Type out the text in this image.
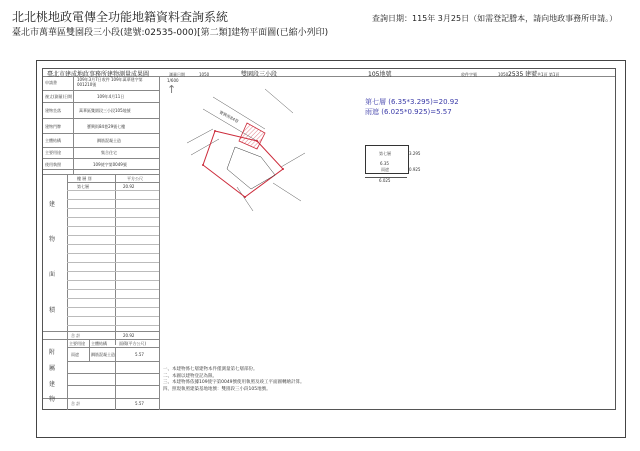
北北桃地政電傳全功能地籍資料查詢系統	查詢日期：115年 3月25日（如需登記謄本，請向地政事務所申請。）
臺北市萬華區雙園段三小段(建號:02535-000)[第二類]建物平面圖(已縮小列印)
臺北市建成地政事務所建物測量成果圖	測量日期	1050	雙園段三小段	105地號	收件字號	1050 2535 建號 共1頁 第1頁
申請書
109年3月7日收件 109年萬華建字第001210號
複丈(測量)日期	109年4月11日
建物坐落	萬華區雙園段三小段105地號
建物門牌	寶興街84巷29號七樓
主體結構	鋼筋混凝土造
主要用途	集合住宅
使用執照	109使字第0049號
樓 層 別	平方公尺
第七層	20.92
合 計	20.92
建
物
面
積
主要用途 主體結構	面積(平方公尺)
雨遮	鋼筋混凝土造	5.57
合 計	5.57
附
屬
建
物
一、本建物係七層建物本件僅測量第七層部份。
二、本圖以建物登記為限。
三、本建物係依據109使字第0049號使用執照及竣工平面圖轉繪計算。
四、照現執照建築基地地號：雙園段三小段105地號。
1/600
↑
寶興街84巷
第七層 (6.35*3.295)=20.92
雨遮 (6.025*0.925)=5.57
第七層	3.295
6.35
雨遮	0.925
6.025
